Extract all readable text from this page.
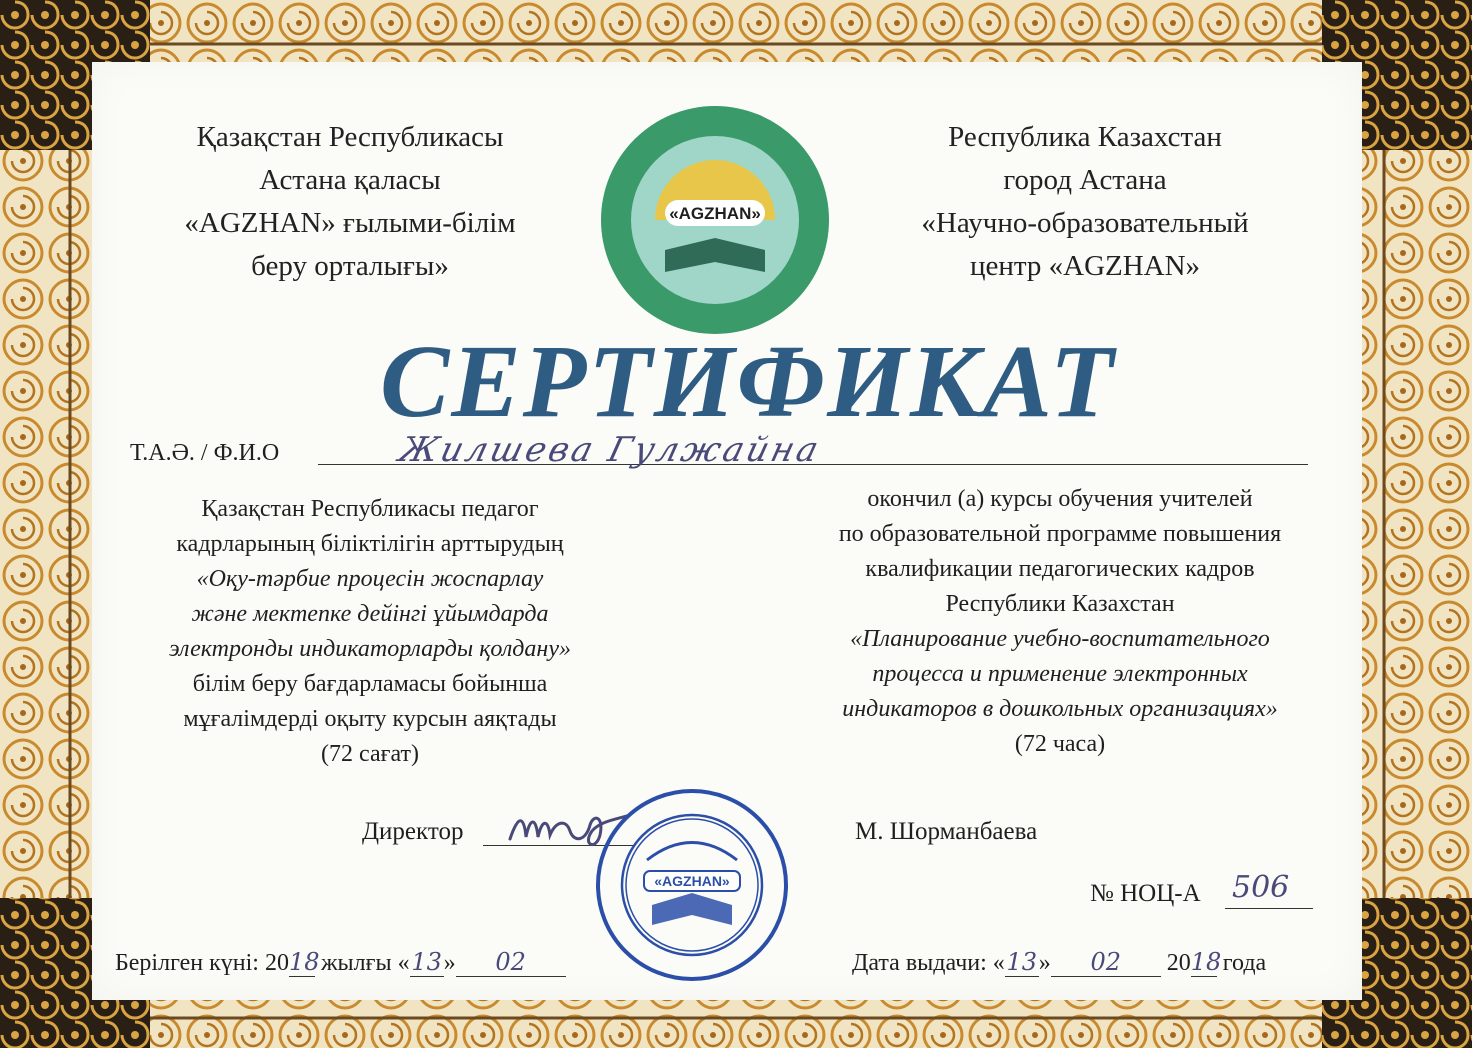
Қазақстан Республикасы
Астана қаласы
«AGZHAN» ғылыми-білім
беру орталығы»
«AGZHAN»
Республика Казахстан
город Астана
«Научно-образовательный
центр «AGZHAN»
СЕРТИФИКАТ
Т.А.Ә. / Ф.И.О	Жилшева Гулжайна
Қазақстан Республикасы педагог
кадрларының біліктілігін арттырудың
«Оқу-тәрбие процесін жоспарлау
және мектепке дейінгі ұйымдарда
электронды индикаторларды қолдану»
білім беру бағдарламасы бойынша
мұғалімдерді оқыту курсын аяқтады
(72 сағат)
окончил (а) курсы обучения учителей
по образовательной программе повышения
квалификации педагогических кадров
Республики Казахстан
«Планирование учебно-воспитательного
процесса и применение электронных
индикаторов в дошкольных организациях»
(72 часа)
Директор
«AGZHAN»
М. Шорманбаева
№ НОЦ-А 506
Берілген күні: 2018 жылғы «13» 02	Дата выдачи: «13» 02 2018 года
